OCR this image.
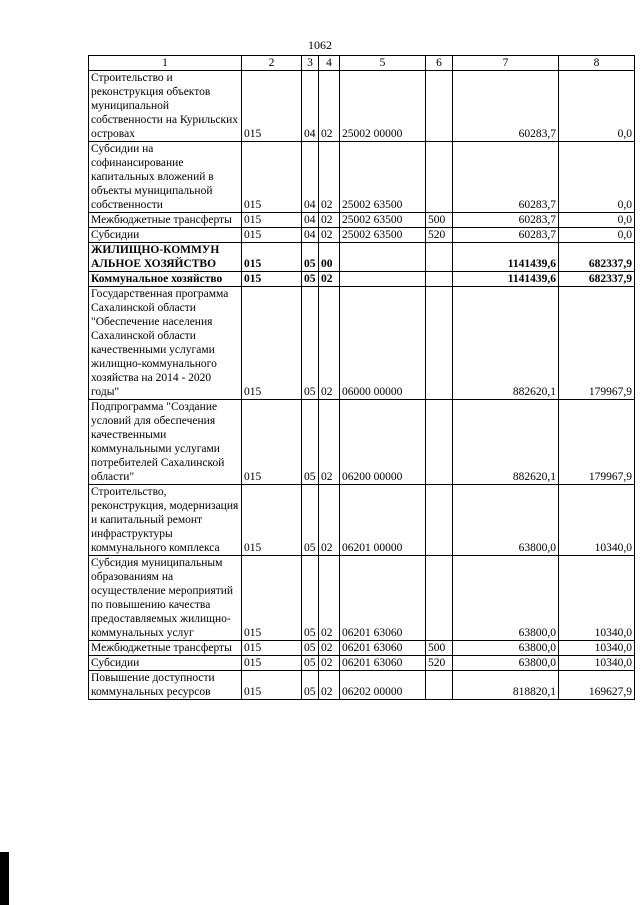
1062
1	2	3	4	5	6	7	8
Строительство и реконструкция объектов муниципальной собственности на Курильских островах	015	04	02	25002 00000		60283,7	0,0
Субсидии на софинансирование капитальных вложений в объекты муниципальной собственности	015	04	02	25002 63500		60283,7	0,0
Межбюджетные трансферты	015	04	02	25002 63500	500	60283,7	0,0
Субсидии	015	04	02	25002 63500	520	60283,7	0,0
ЖИЛИЩНО-КОММУН АЛЬНОЕ ХОЗЯЙСТВО	015	05	00			1141439,6	682337,9
Коммунальное хозяйство	015	05	02			1141439,6	682337,9
Государственная программа Сахалинской области "Обеспечение населения Сахалинской области качественными услугами жилищно-коммунального хозяйства на 2014 - 2020 годы"	015	05	02	06000 00000		882620,1	179967,9
Подпрограмма "Создание условий для обеспечения качественными коммунальными услугами потребителей Сахалинской области"	015	05	02	06200 00000		882620,1	179967,9
Строительство, реконструкция, модернизация и капитальный ремонт инфраструктуры коммунального комплекса	015	05	02	06201 00000		63800,0	10340,0
Субсидия муниципальным образованиям на осуществление мероприятий по повышению качества предоставляемых жилищно-коммунальных услуг	015	05	02	06201 63060		63800,0	10340,0
Межбюджетные трансферты	015	05	02	06201 63060	500	63800,0	10340,0
Субсидии	015	05	02	06201 63060	520	63800,0	10340,0
Повышение доступности коммунальных ресурсов	015	05	02	06202 00000		818820,1	169627,9
